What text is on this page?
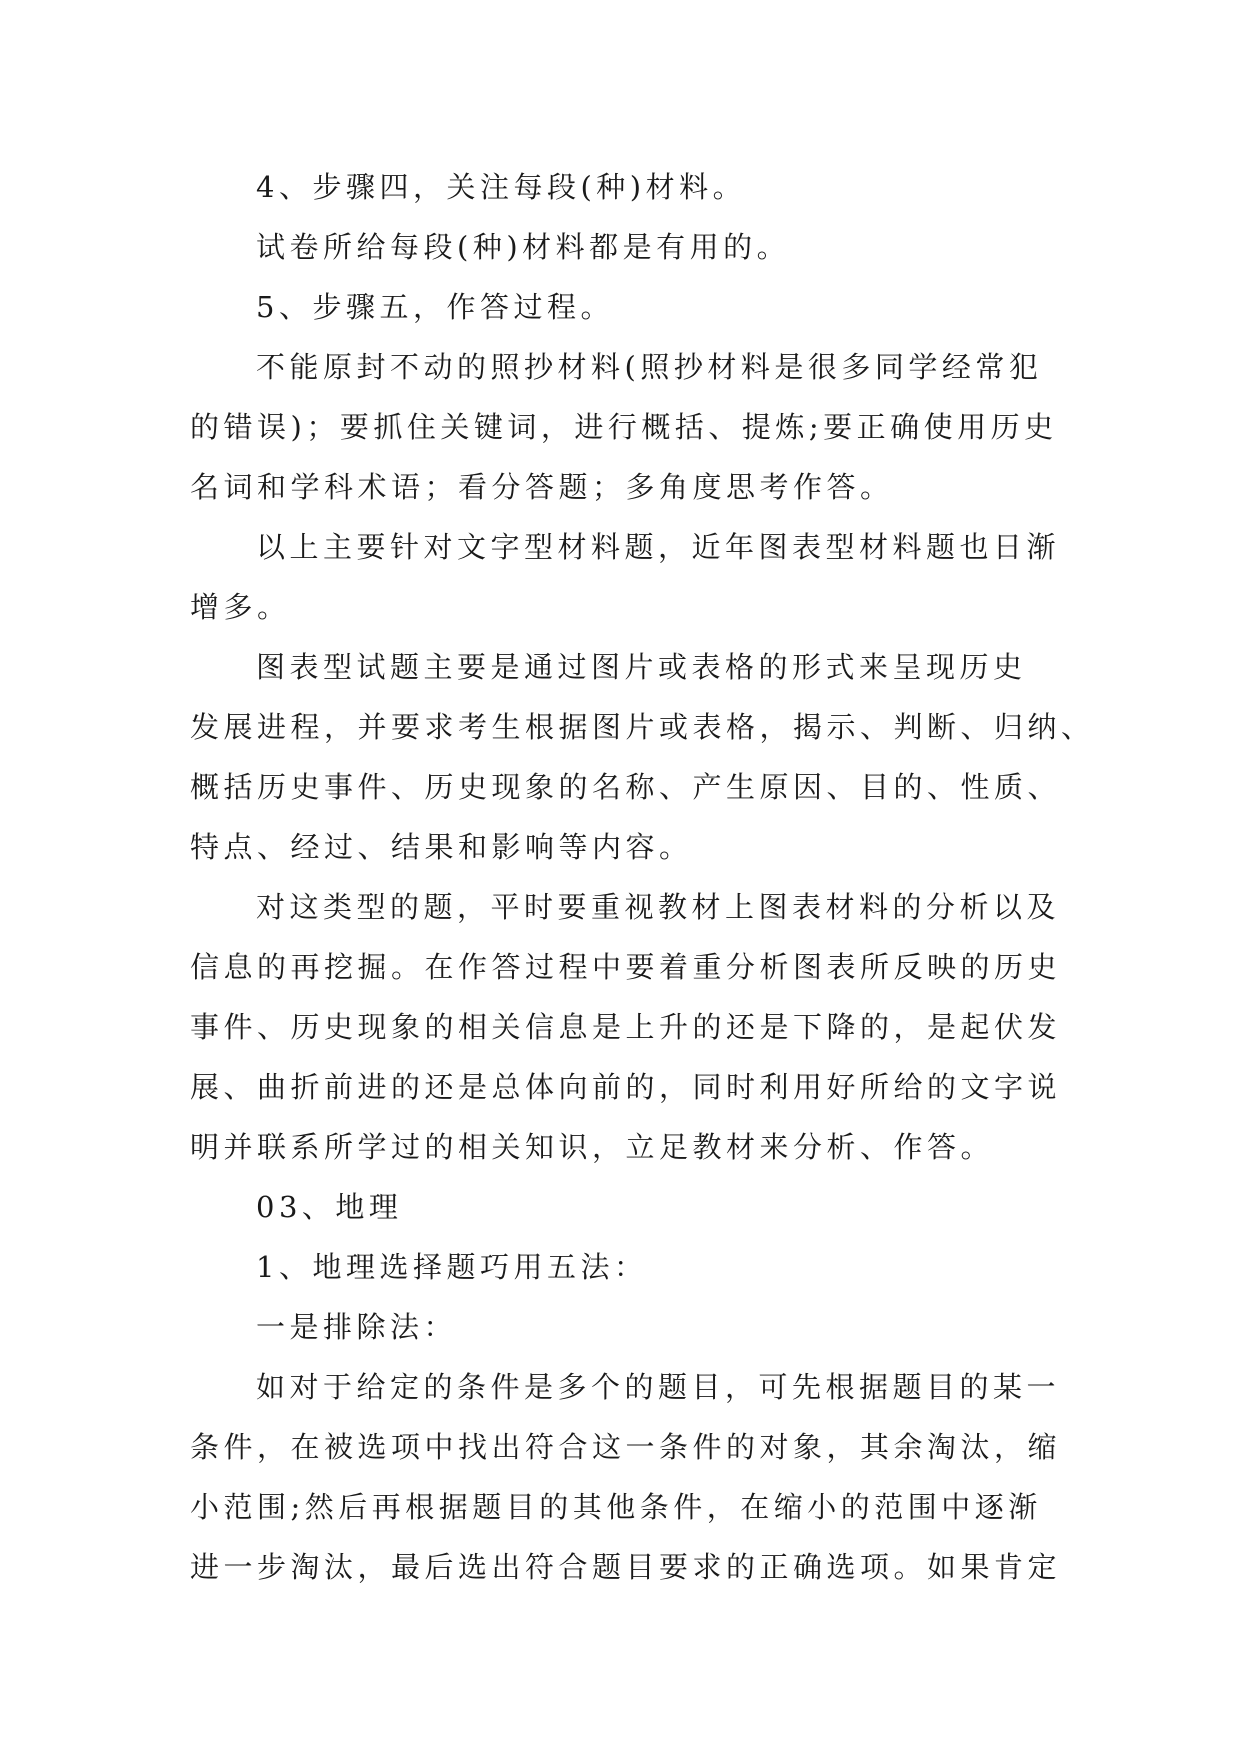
4、步骤四，关注每段(种)材料。
试卷所给每段(种)材料都是有用的。
5、步骤五，作答过程。
不能原封不动的照抄材料(照抄材料是很多同学经常犯
的错误)；要抓住关键词，进行概括、提炼;要正确使用历史
名词和学科术语；看分答题；多角度思考作答。
以上主要针对文字型材料题，近年图表型材料题也日渐
增多。
图表型试题主要是通过图片或表格的形式来呈现历史
发展进程，并要求考生根据图片或表格，揭示、判断、归纳、
概括历史事件、历史现象的名称、产生原因、目的、性质、
特点、经过、结果和影响等内容。
对这类型的题，平时要重视教材上图表材料的分析以及
信息的再挖掘。在作答过程中要着重分析图表所反映的历史
事件、历史现象的相关信息是上升的还是下降的，是起伏发
展、曲折前进的还是总体向前的，同时利用好所给的文字说
明并联系所学过的相关知识，立足教材来分析、作答。
03、地理
1、地理选择题巧用五法：
一是排除法：
如对于给定的条件是多个的题目，可先根据题目的某一
条件，在被选项中找出符合这一条件的对象，其余淘汰，缩
小范围;然后再根据题目的其他条件，在缩小的范围中逐渐
进一步淘汰，最后选出符合题目要求的正确选项。如果肯定
